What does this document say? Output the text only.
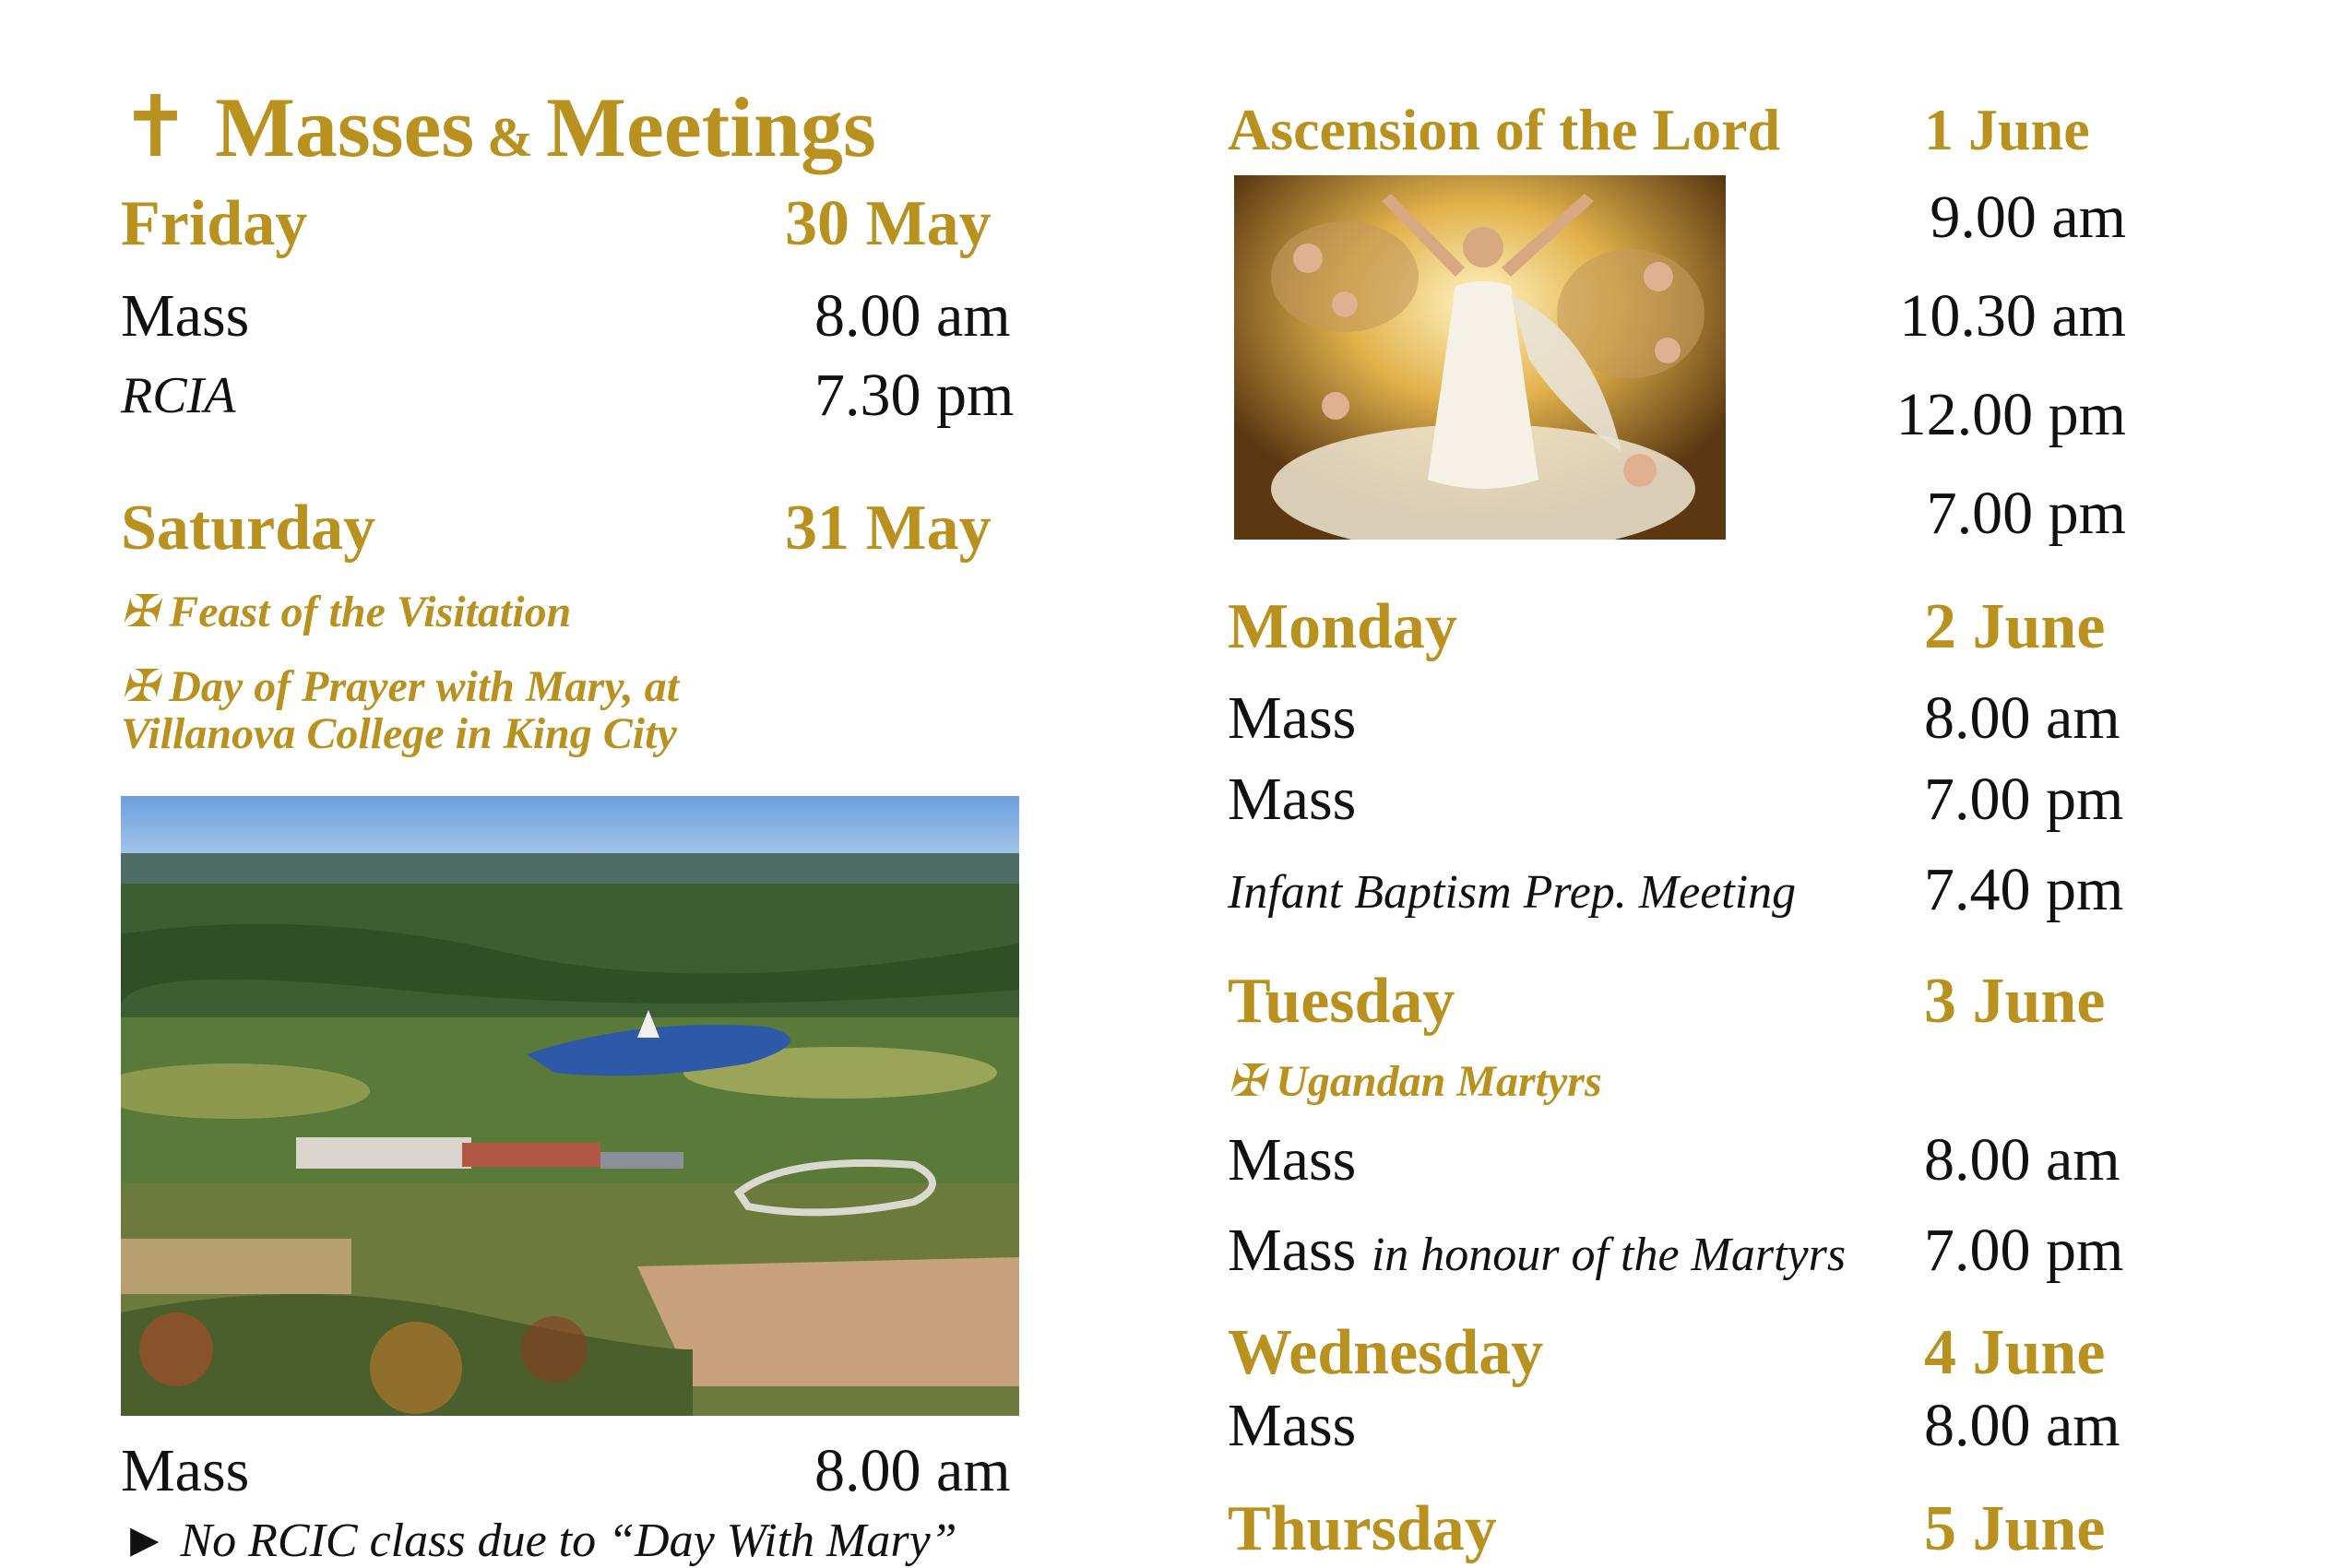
✝ Masses & Meetings
Friday	30 May
Mass	8.00 am
RCIA	7.30 pm
Saturday	31 May
✠ Feast of the Visitation
✠ Day of Prayer with Mary, at
Villanova College in King City
Mass	8.00 am
► No RCIC class due to “Day With Mary”
Ascension of the Lord 1 June
9.00 am
10.30 am
12.00 pm
7.00 pm
Monday	2 June
Mass	8.00 am
Mass	7.00 pm
Infant Baptism Prep. Meeting 7.40 pm
Tuesday	3 June
✠ Ugandan Martyrs
Mass	8.00 am
Mass in honour of the Martyrs 7.00 pm
Wednesday	4 June
Mass	8.00 am
Thursday	5 June
